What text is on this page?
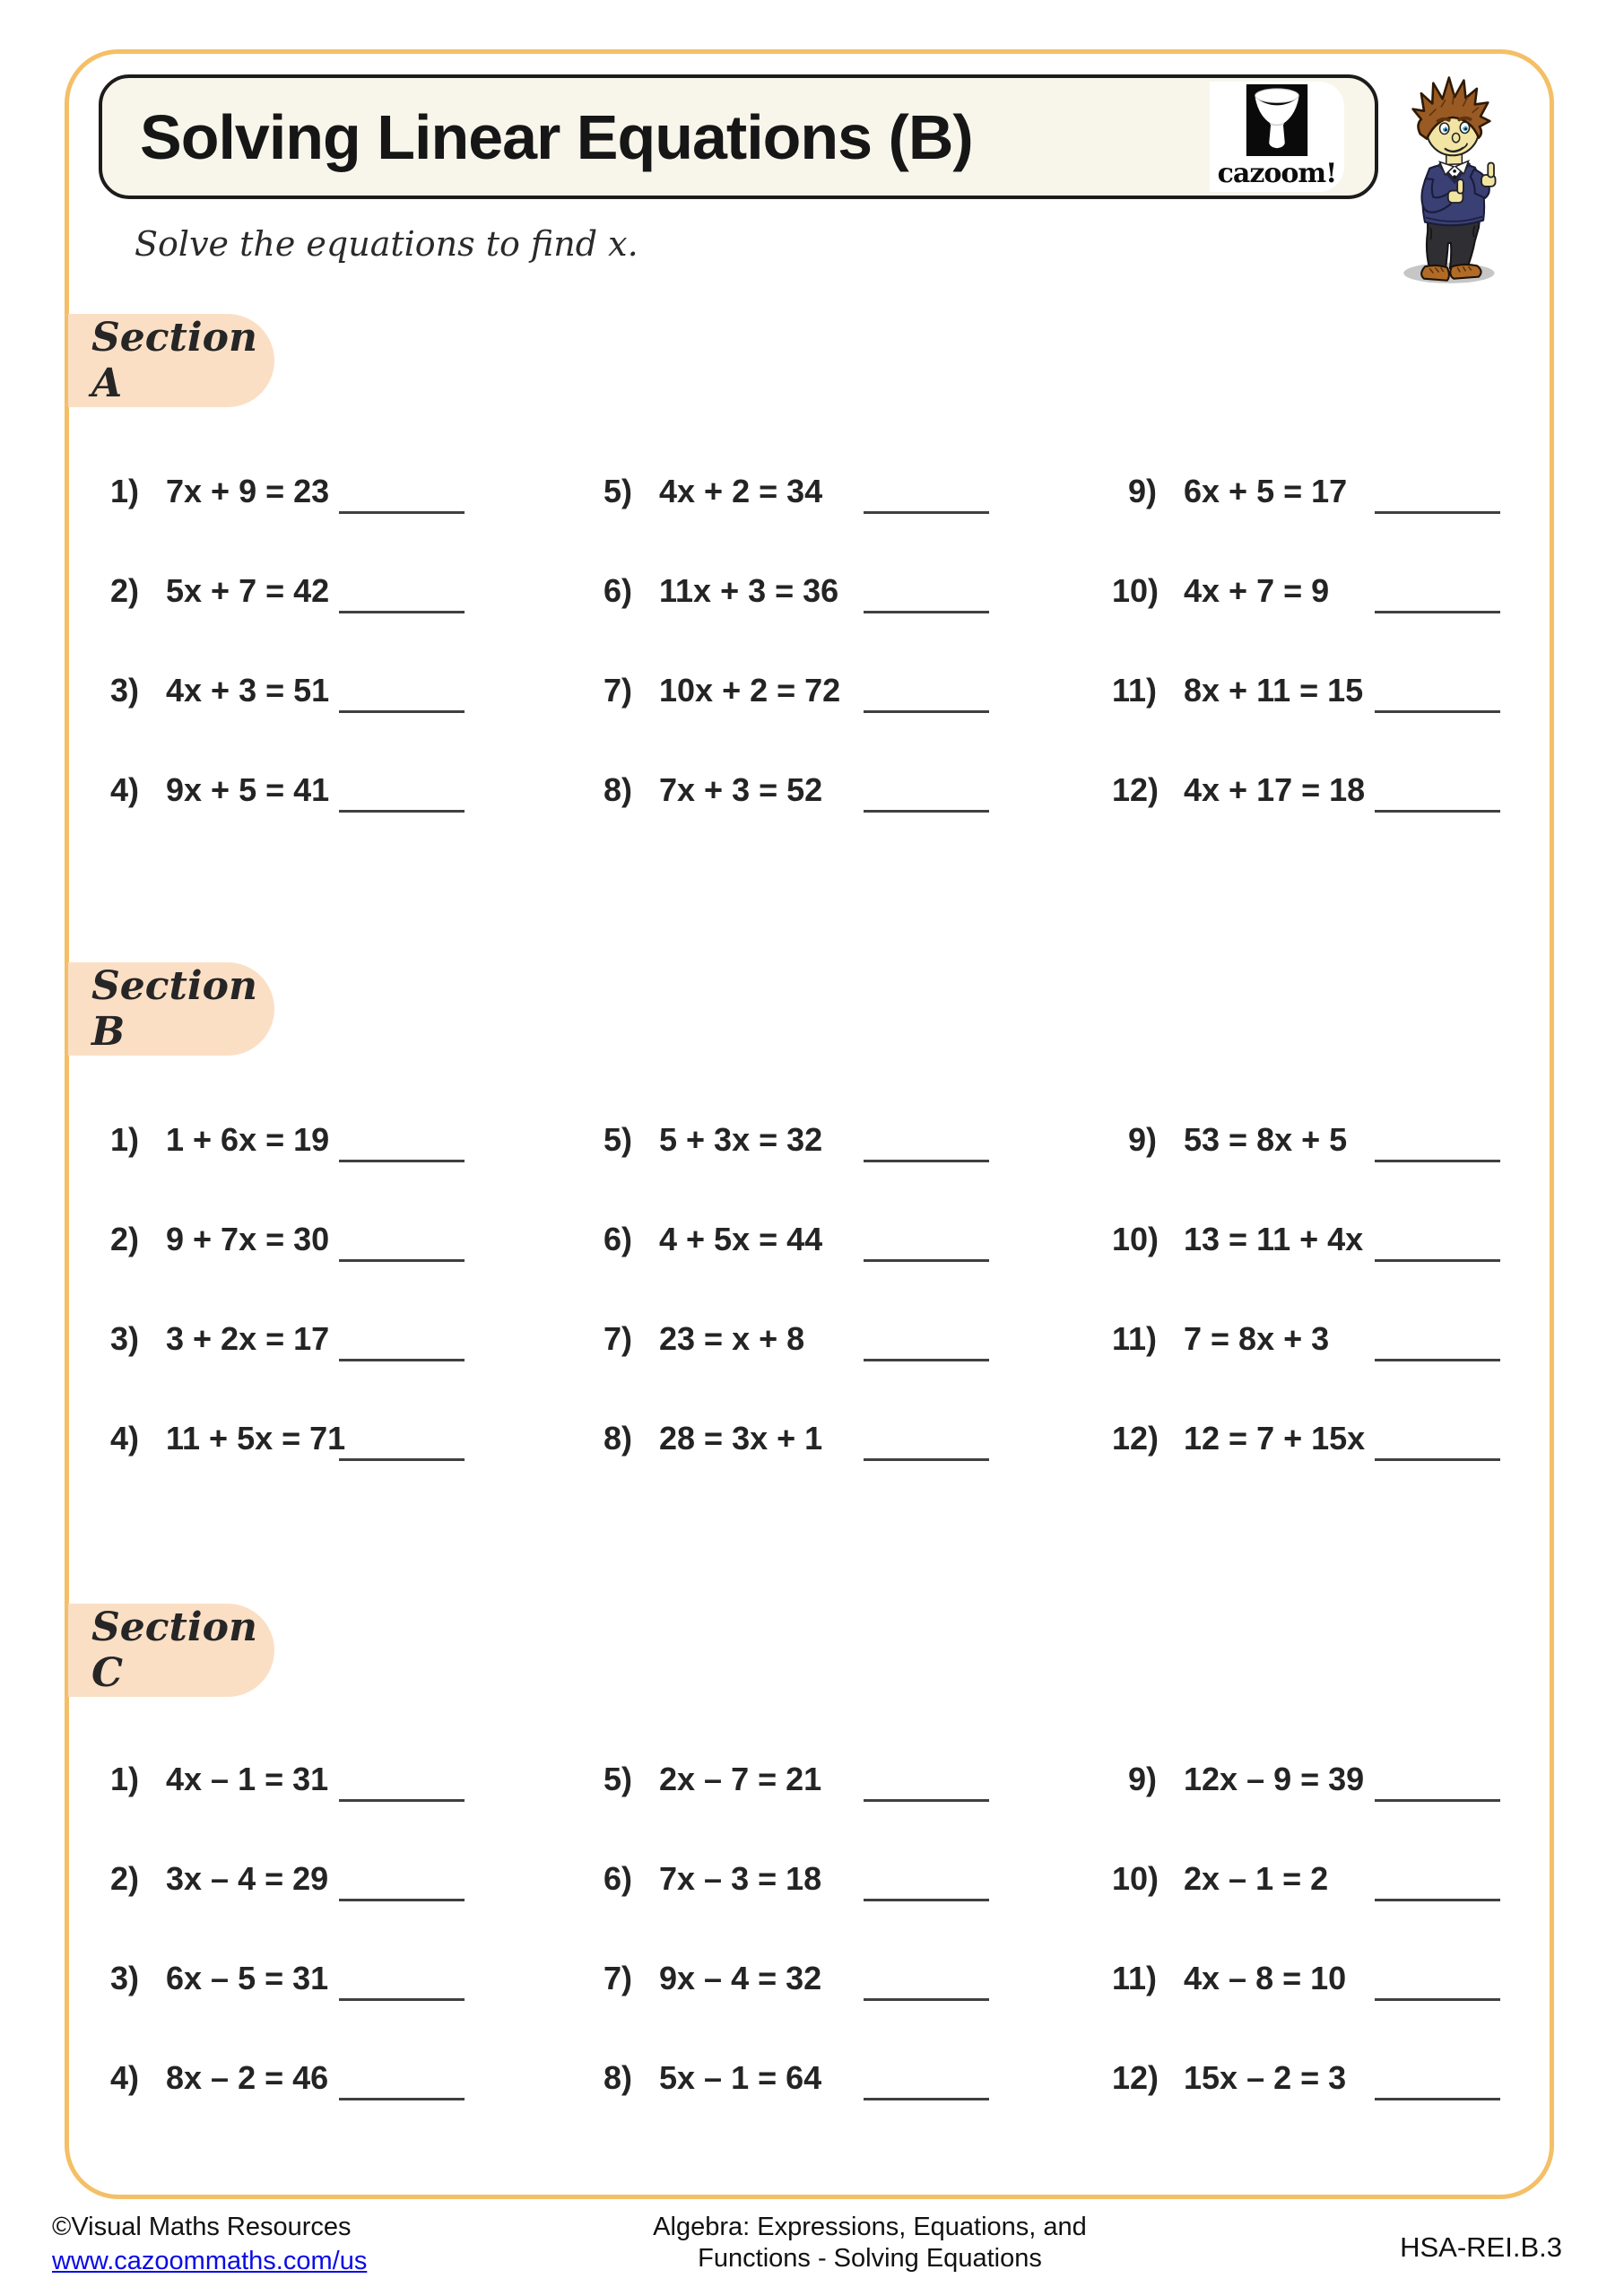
Solving Linear Equations (B)
cazoom!
Solve the equations to find x.
Section A
Section B
Section C
1) 7x + 9 = 23
2) 5x + 7 = 42
3) 4x + 3 = 51
4) 9x + 5 = 41
5) 4x + 2 = 34
6) 11x + 3 = 36
7) 10x + 2 = 72
8) 7x + 3 = 52
9) 6x + 5 = 17
10) 4x + 7 = 9
11) 8x + 11 = 15
12) 4x + 17 = 18
1) 1 + 6x = 19
2) 9 + 7x = 30
3) 3 + 2x = 17
4) 11 + 5x = 71
5) 5 + 3x = 32
6) 4 + 5x = 44
7) 23 = x + 8
8) 28 = 3x + 1
9) 53 = 8x + 5
10) 13 = 11 + 4x
11) 7 = 8x + 3
12) 12 = 7 + 15x
1) 4x – 1 = 31
2) 3x – 4 = 29
3) 6x – 5 = 31
4) 8x – 2 = 46
5) 2x – 7 = 21
6) 7x – 3 = 18
7) 9x – 4 = 32
8) 5x – 1 = 64
9) 12x – 9 = 39
10) 2x – 1 = 2
11) 4x – 8 = 10
12) 15x – 2 = 3
©Visual Maths Resources
www.cazoommaths.com/us
Algebra: Expressions, Equations, and
Functions - Solving Equations	HSA-REI.B.3
